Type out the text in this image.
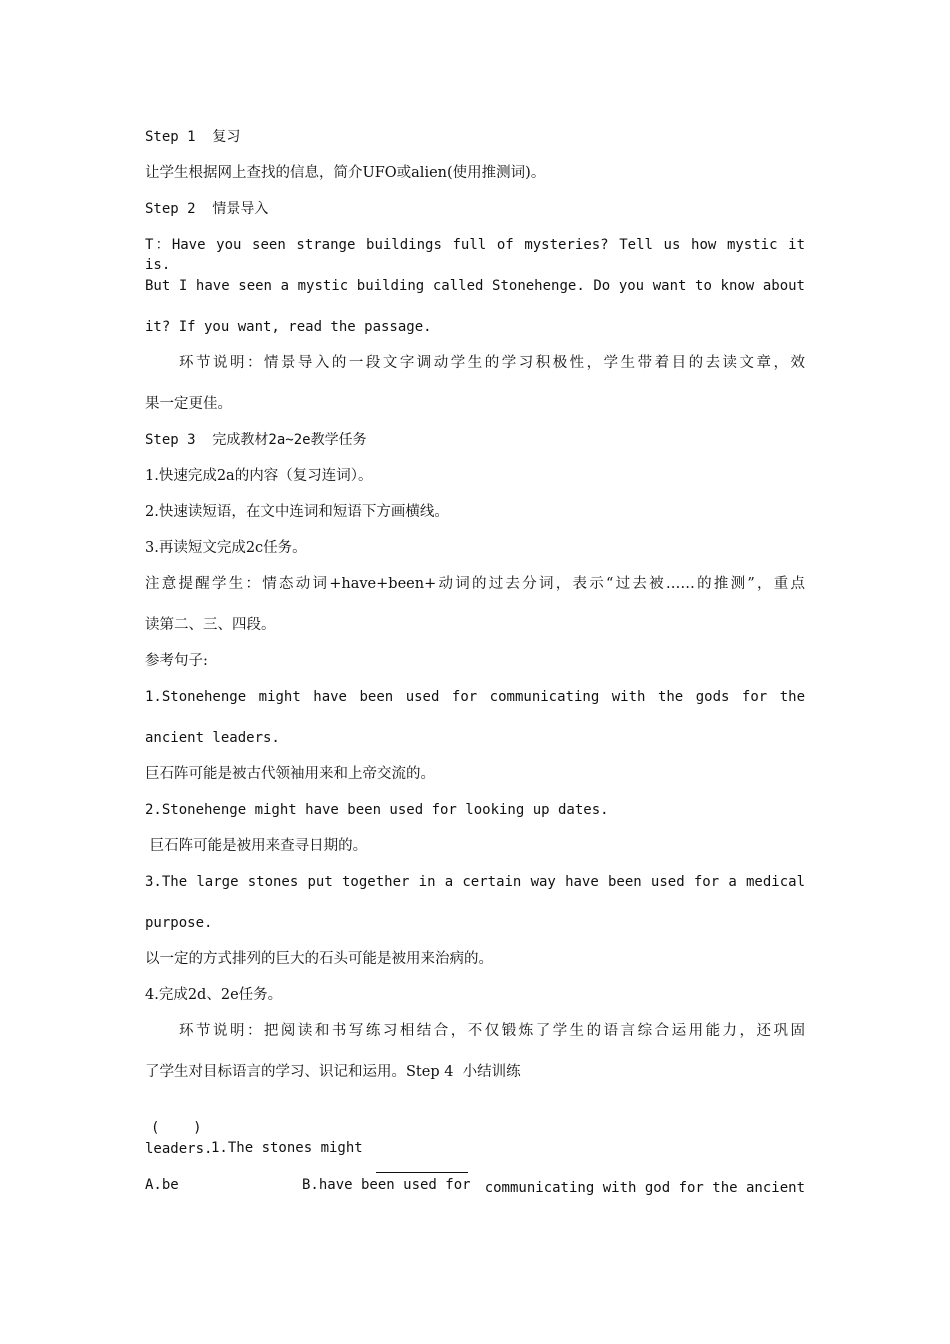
Step 1  复习
让学生根据网上查找的信息，简介UFO或alien(使用推测词)。
Step 2  情景导入
T：Have you seen strange buildings full of mysteries? Tell us how mystic it is.
But I have seen a mystic building called Stonehenge. Do you want to know about
it? If you want, read the passage.
环节说明：情景导入的一段文字调动学生的学习积极性，学生带着目的去读文章，效
果一定更佳。
Step 3  完成教材2a~2e教学任务
1.快速完成2a的内容（复习连词）。
2.快速读短语，在文中连词和短语下方画横线。
3.再读短文完成2c任务。
注意提醒学生：情态动词+have+been+动词的过去分词，表示“过去被……的推测”，重点
读第二、三、四段。
参考句子:
1.Stonehenge might have been used for communicating with the gods for the
ancient leaders.
巨石阵可能是被古代领袖用来和上帝交流的。
2.Stonehenge might have been used for looking up dates.
巨石阵可能是被用来查寻日期的。
3.The large stones put together in a certain way have been used for a medical
purpose.
以一定的方式排列的巨大的石头可能是被用来治病的。
4.完成2d、2e任务。
环节说明：把阅读和书写练习相结合，不仅锻炼了学生的语言综合运用能力，还巩固
了学生对目标语言的学习、识记和运用。Step 4  小结训练

(    )

1.The stones might

communicating with god for the ancient

leaders.
A.be	B.have been used for
